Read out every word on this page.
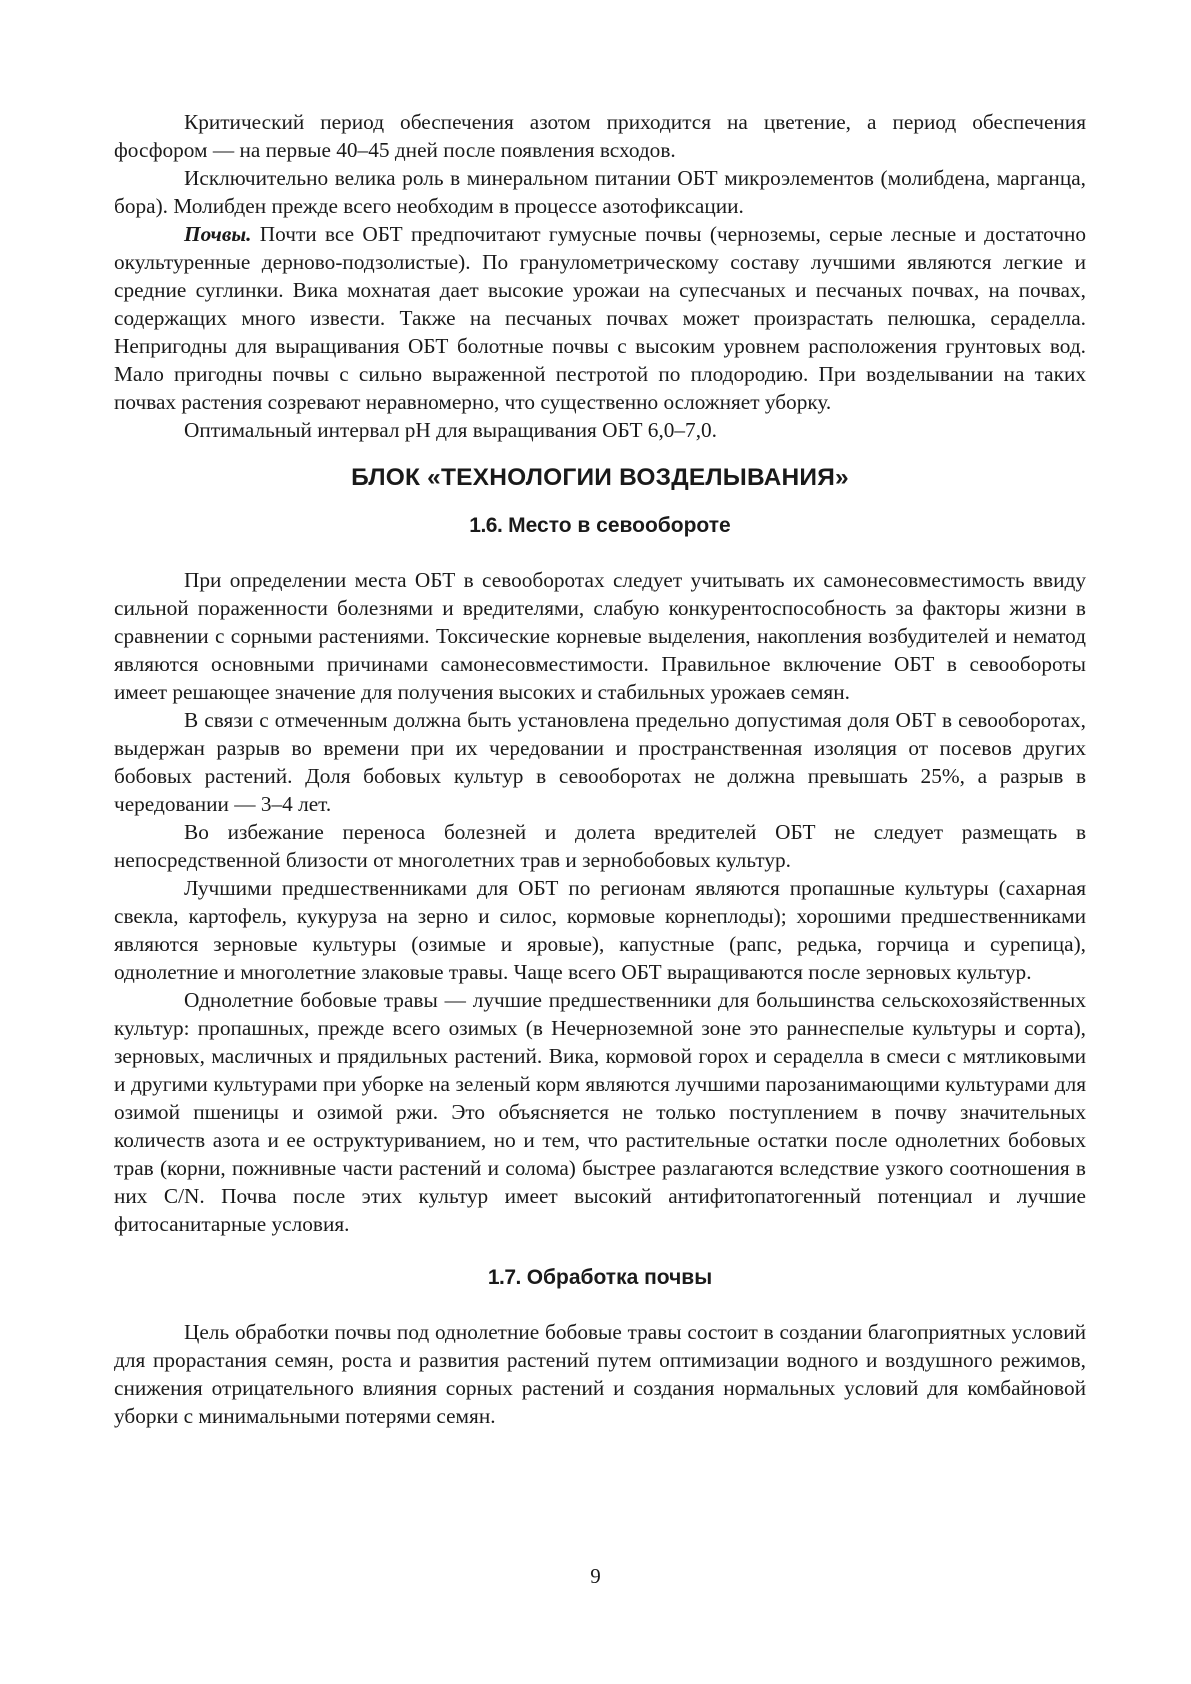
Критический период обеспечения азотом приходится на цветение, а период обеспечения фосфором — на первые 40–45 дней после появления всходов.

Исключительно велика роль в минеральном питании ОБТ микроэлементов (молибдена, марганца, бора). Молибден прежде всего необходим в процессе азотофиксации.

Почвы. Почти все ОБТ предпочитают гумусные почвы (черноземы, серые лесные и достаточно окультуренные дерново-подзолистые). По гранулометрическому составу лучшими являются легкие и средние суглинки. Вика мохнатая дает высокие урожаи на супесчаных и песчаных почвах, на почвах, содержащих много извести. Также на песчаных почвах может произрастать пелюшка, сераделла. Непригодны для выращивания ОБТ болотные почвы с высоким уровнем расположения грунтовых вод. Мало пригодны почвы с сильно выраженной пестротой по плодородию. При возделывании на таких почвах растения созревают неравномерно, что существенно осложняет уборку.

Оптимальный интервал pH для выращивания ОБТ 6,0–7,0.

БЛОК «ТЕХНОЛОГИИ ВОЗДЕЛЫВАНИЯ»
1.6. Место в севообороте

При определении места ОБТ в севооборотах следует учитывать их самонесовместимость ввиду сильной пораженности болезнями и вредителями, слабую конкурентоспособность за факторы жизни в сравнении с сорными растениями. Токсические корневые выделения, накопления возбудителей и нематод являются основными причинами самонесовместимости. Правильное включение ОБТ в севообороты имеет решающее значение для получения высоких и стабильных урожаев семян.

В связи с отмеченным должна быть установлена предельно допустимая доля ОБТ в севооборотах, выдержан разрыв во времени при их чередовании и пространственная изоляция от посевов других бобовых растений. Доля бобовых культур в севооборотах не должна превышать 25%, а разрыв в чередовании — 3–4 лет.

Во избежание переноса болезней и долета вредителей ОБТ не следует размещать в непосредственной близости от многолетних трав и зернобобовых культур.

Лучшими предшественниками для ОБТ по регионам являются пропашные культуры (сахарная свекла, картофель, кукуруза на зерно и силос, кормовые корнеплоды); хорошими предшественниками являются зерновые культуры (озимые и яровые), капустные (рапс, редька, горчица и сурепица), однолетние и многолетние злаковые травы. Чаще всего ОБТ выращиваются после зерновых культур.

Однолетние бобовые травы — лучшие предшественники для большинства сельскохозяйственных культур: пропашных, прежде всего озимых (в Нечерноземной зоне это раннеспелые культуры и сорта), зерновых, масличных и прядильных растений. Вика, кормовой горох и сераделла в смеси с мятликовыми и другими культурами при уборке на зеленый корм являются лучшими парозанимающими культурами для озимой пшеницы и озимой ржи. Это объясняется не только поступлением в почву значительных количеств азота и ее оструктуриванием, но и тем, что растительные остатки после однолетних бобовых трав (корни, пожнивные части растений и солома) быстрее разлагаются вследствие узкого соотношения в них C/N. Почва после этих культур имеет высокий антифитопатогенный потенциал и лучшие фитосанитарные условия.

1.7. Обработка почвы

Цель обработки почвы под однолетние бобовые травы состоит в создании благоприятных условий для прорастания семян, роста и развития растений путем оптимизации водного и воздушного режимов, снижения отрицательного влияния сорных растений и создания нормальных условий для комбайновой уборки с минимальными потерями семян.

9
